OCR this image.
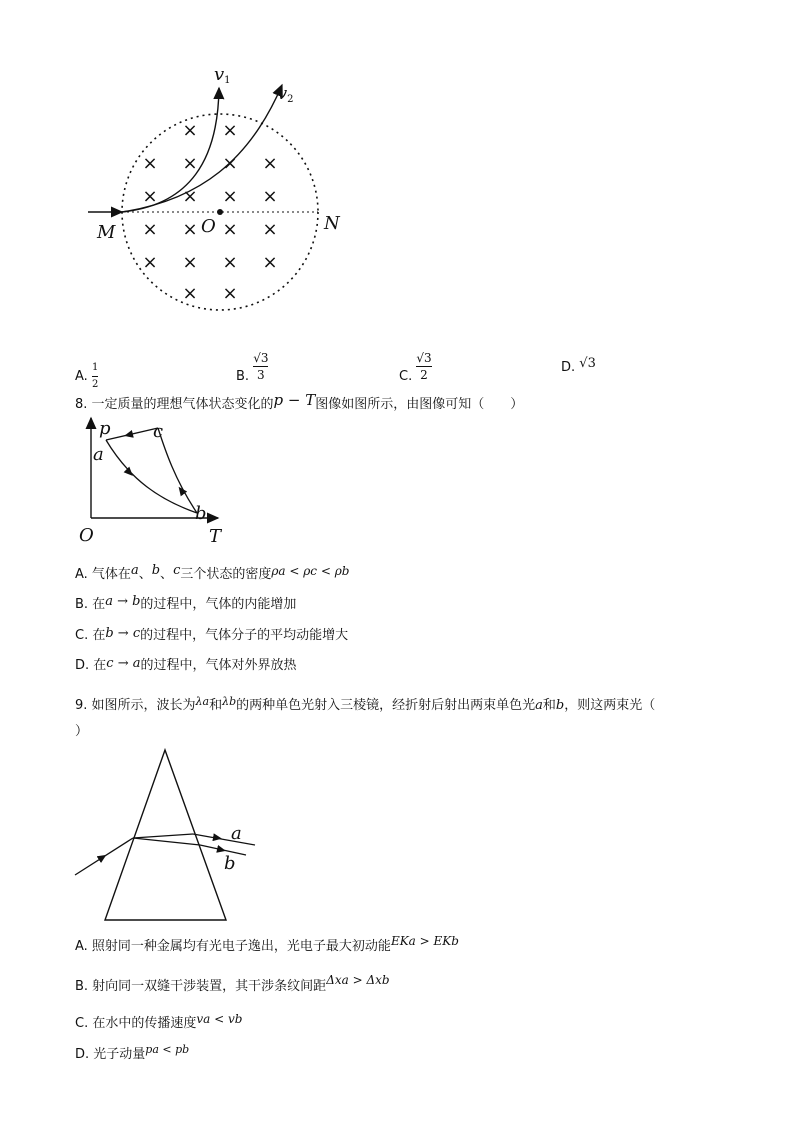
× ×
× × × ×
× × × ×
× × × ×
× × × ×
× ×
$v_1$
$v_2$
M	N
O
A. $\frac{1}{2}$	B. $\frac{√3}{3}$	C. $\frac{√3}{2}$	D. √3
8. 一定质量的理想气体状态变化的p − T图像如图所示，由图像可知（　　）
p c
a
b
O	T
A. 气体在a、b、c三个状态的密度ρa < ρc < ρb
B. 在a → b的过程中，气体的内能增加
C. 在b → c的过程中，气体分子的平均动能增大
D. 在c → a的过程中，气体对外界放热
9. 如图所示，波长为$^{\lambda a}$和$^{\lambda b}$的两种单色光射入三棱镜，经折射后射出两束单色光a和b，则这两束光（
）
a
b
A. 照射同一种金属均有光电子逸出，光电子最大初动能EKa > EKb
B. 射向同一双缝干涉装置，其干涉条纹间距Δxa > Δxb
C. 在水中的传播速度va < vb
D. 光子动量$^{pa < pb}$
